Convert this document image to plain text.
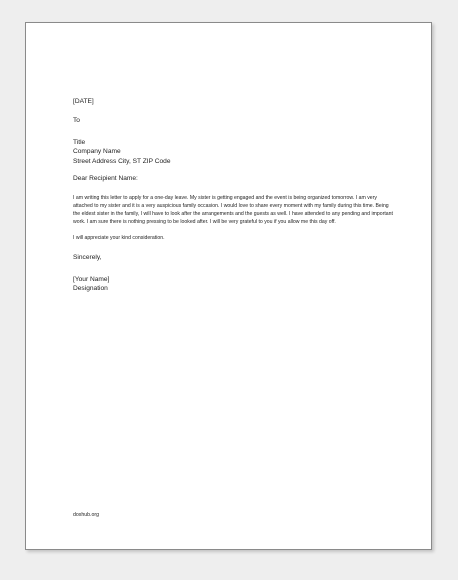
[DATE]
To
Title
Company Name
Street Address City, ST ZIP Code
Dear Recipient Name:
I am writing this letter to apply for a one-day leave. My sister is getting engaged and the event is being organized tomorrow. I am very attached to my sister and it is a very auspicious family occasion. I would love to share every moment with my family during this time. Being the eldest sister in the family, I will have to look after the arrangements and the guests as well. I have attended to any pending and important work. I am sure there is nothing pressing to be looked after. I will be very grateful to you if you allow me this day off.
I will appreciate your kind consideration.
Sincerely,
[Your Name]
Designation
doxhub.org
